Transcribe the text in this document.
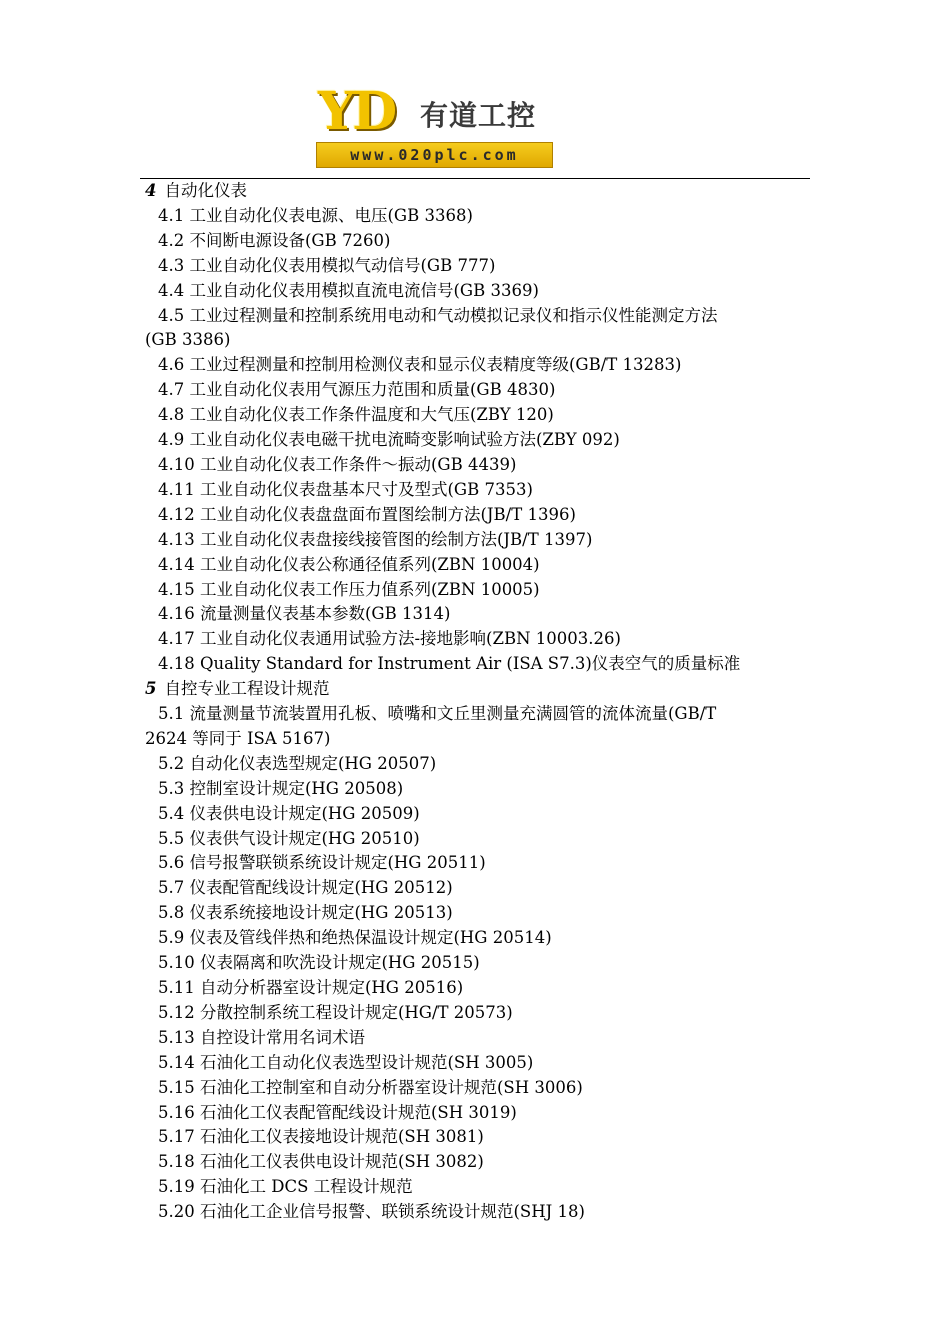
YD 有道工控
www.020plc.com
4 自动化仪表
4.1 工业自动化仪表电源、电压(GB 3368)
4.2 不间断电源设备(GB 7260)
4.3 工业自动化仪表用模拟气动信号(GB 777)
4.4 工业自动化仪表用模拟直流电流信号(GB 3369)
4.5 工业过程测量和控制系统用电动和气动模拟记录仪和指示仪性能测定方法
(GB 3386)
4.6 工业过程测量和控制用检测仪表和显示仪表精度等级(GB/T 13283)
4.7 工业自动化仪表用气源压力范围和质量(GB 4830)
4.8 工业自动化仪表工作条件温度和大气压(ZBY 120)
4.9 工业自动化仪表电磁干扰电流畸变影响试验方法(ZBY 092)
4.10 工业自动化仪表工作条件～振动(GB 4439)
4.11 工业自动化仪表盘基本尺寸及型式(GB 7353)
4.12 工业自动化仪表盘盘面布置图绘制方法(JB/T 1396)
4.13 工业自动化仪表盘接线接管图的绘制方法(JB/T 1397)
4.14 工业自动化仪表公称通径值系列(ZBN 10004)
4.15 工业自动化仪表工作压力值系列(ZBN 10005)
4.16 流量测量仪表基本参数(GB 1314)
4.17 工业自动化仪表通用试验方法-接地影响(ZBN 10003.26)
4.18 Quality Standard for Instrument Air (ISA S7.3)仪表空气的质量标准
5 自控专业工程设计规范
5.1 流量测量节流装置用孔板、喷嘴和文丘里测量充满圆管的流体流量(GB/T
2624 等同于 ISA 5167)
5.2 自动化仪表选型规定(HG 20507)
5.3 控制室设计规定(HG 20508)
5.4 仪表供电设计规定(HG 20509)
5.5 仪表供气设计规定(HG 20510)
5.6 信号报警联锁系统设计规定(HG 20511)
5.7 仪表配管配线设计规定(HG 20512)
5.8 仪表系统接地设计规定(HG 20513)
5.9 仪表及管线伴热和绝热保温设计规定(HG 20514)
5.10 仪表隔离和吹洗设计规定(HG 20515)
5.11 自动分析器室设计规定(HG 20516)
5.12 分散控制系统工程设计规定(HG/T 20573)
5.13 自控设计常用名词术语
5.14 石油化工自动化仪表选型设计规范(SH 3005)
5.15 石油化工控制室和自动分析器室设计规范(SH 3006)
5.16 石油化工仪表配管配线设计规范(SH 3019)
5.17 石油化工仪表接地设计规范(SH 3081)
5.18 石油化工仪表供电设计规范(SH 3082)
5.19 石油化工 DCS 工程设计规范
5.20 石油化工企业信号报警、联锁系统设计规范(SHJ 18)
